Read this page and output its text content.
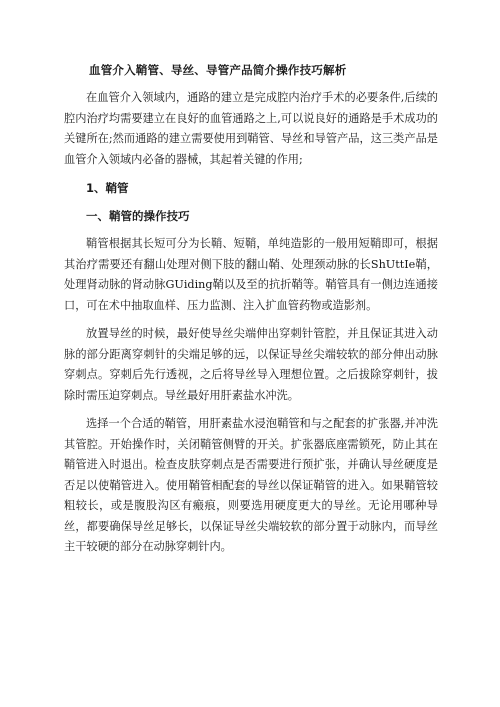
血管介入鞘管、导丝、导管产品简介操作技巧解析

在血管介入领域内，通路的建立是完成腔内治疗手术的必要条件,后续的腔内治疗均需要建立在良好的血管通路之上,可以说良好的通路是手术成功的关键所在;然而通路的建立需要使用到鞘管、导丝和导管产品，这三类产品是血管介入领域内必备的器械，其起着关键的作用;

1、鞘管
一、鞘管的操作技巧

鞘管根据其长短可分为长鞘、短鞘，单纯造影的一般用短鞘即可，根据其治疗需要还有翻山处理对侧下肢的翻山鞘、处理颈动脉的长ShUttIe鞘，处理肾动脉的肾动脉GUiding鞘以及至的抗折鞘等。鞘管具有一侧边连通接口，可在术中抽取血样、压力监测、注入扩血管药物或造影剂。

放置导丝的时候，最好使导丝尖端伸出穿刺针管腔，并且保证其进入动脉的部分距离穿刺针的尖端足够的远，以保证导丝尖端较软的部分伸出动脉穿刺点。穿刺后先行透视，之后将导丝导入理想位置。之后拔除穿刺针，拔除时需压迫穿刺点。导丝最好用肝素盐水冲洗。

选择一个合适的鞘管，用肝素盐水浸泡鞘管和与之配套的扩张器,并冲洗其管腔。开始操作时，关闭鞘管侧臂的开关。扩张器底座需锁死，防止其在鞘管进入时退出。检查皮肤穿刺点是否需要进行预扩张，并确认导丝硬度是否足以使鞘管进入。使用鞘管相配套的导丝以保证鞘管的进入。如果鞘管较粗较长，或是腹股沟区有瘢痕，则要选用硬度更大的导丝。无论用哪种导丝，都要确保导丝足够长，以保证导丝尖端较软的部分置于动脉内，而导丝主干较硬的部分在动脉穿刺针内。
